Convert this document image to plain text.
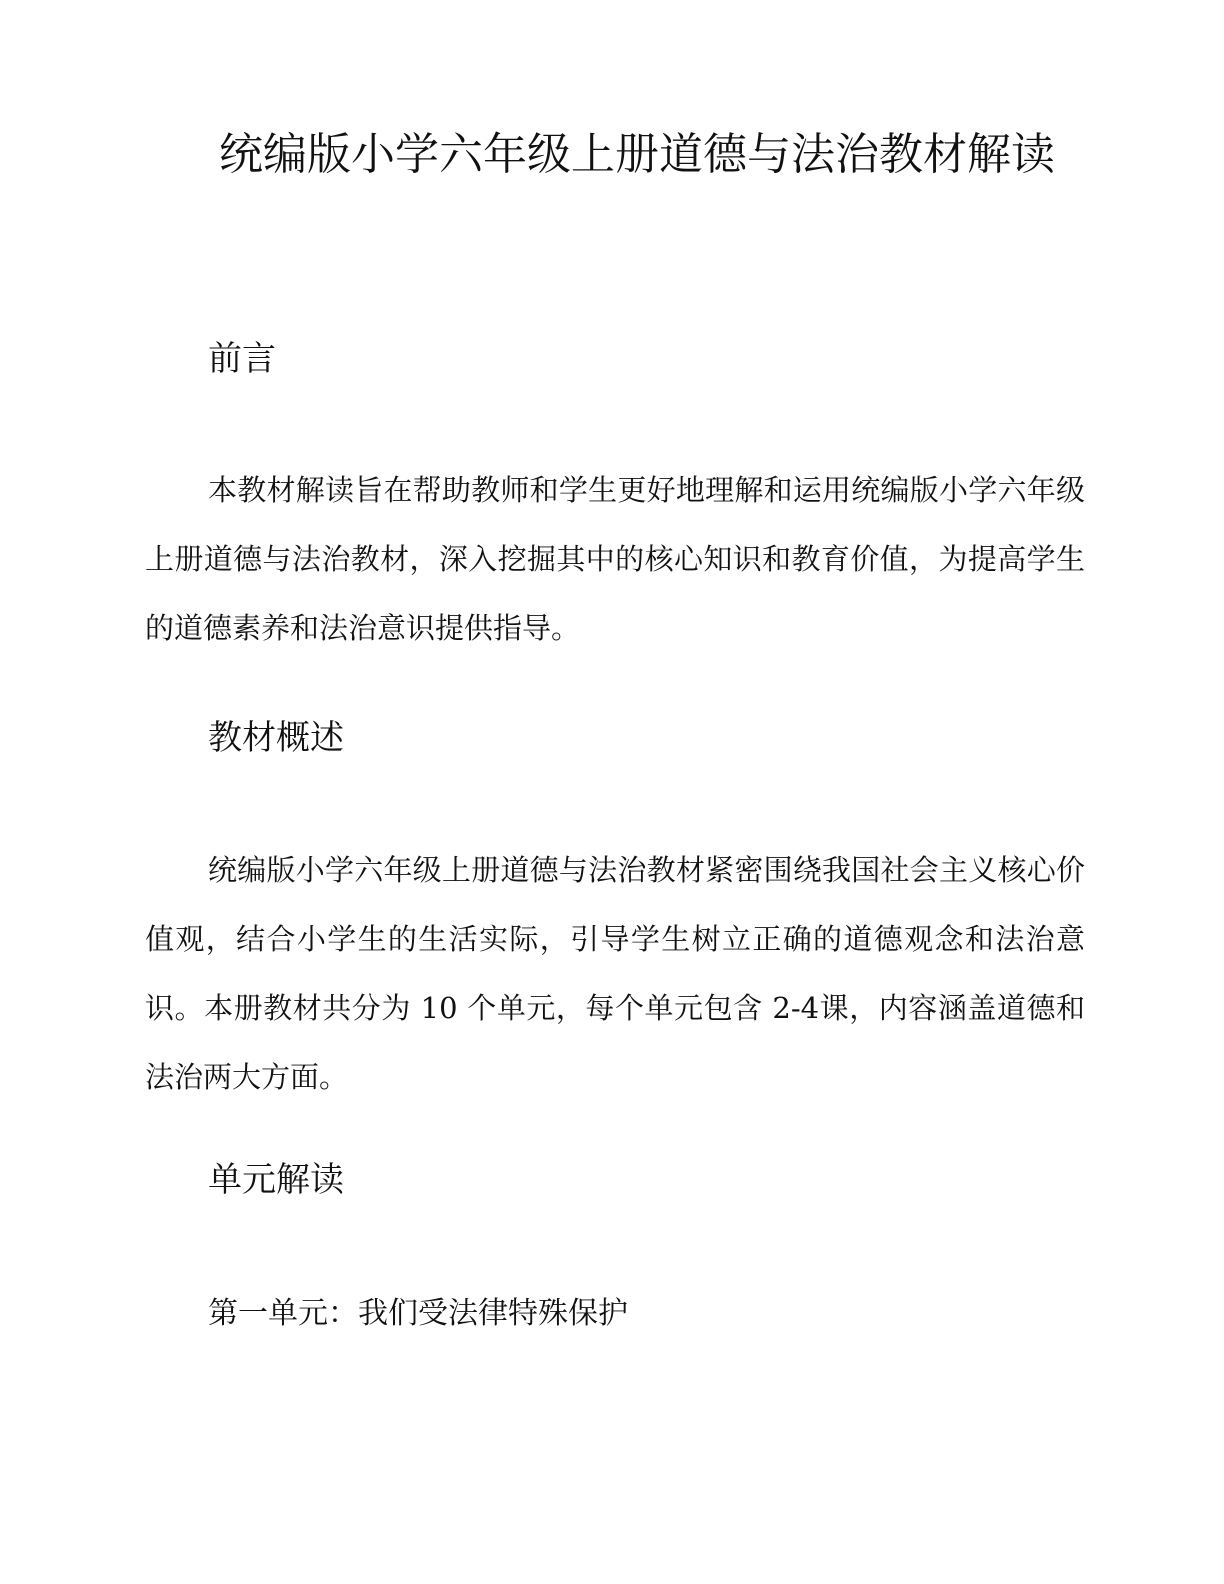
统编版小学六年级上册道德与法治教材解读
前言

本教材解读旨在帮助教师和学生更好地理解和运用统编版小学六年级上册道德与法治教材，深入挖掘其中的核心知识和教育价值，为提高学生的道德素养和法治意识提供指导。

教材概述

统编版小学六年级上册道德与法治教材紧密围绕我国社会主义核心价值观，结合小学生的生活实际，引导学生树立正确的道德观念和法治意识。本册教材共分为 10 个单元，每个单元包含 2-4课，内容涵盖道德和法治两大方面。

单元解读
第一单元：我们受法律特殊保护
